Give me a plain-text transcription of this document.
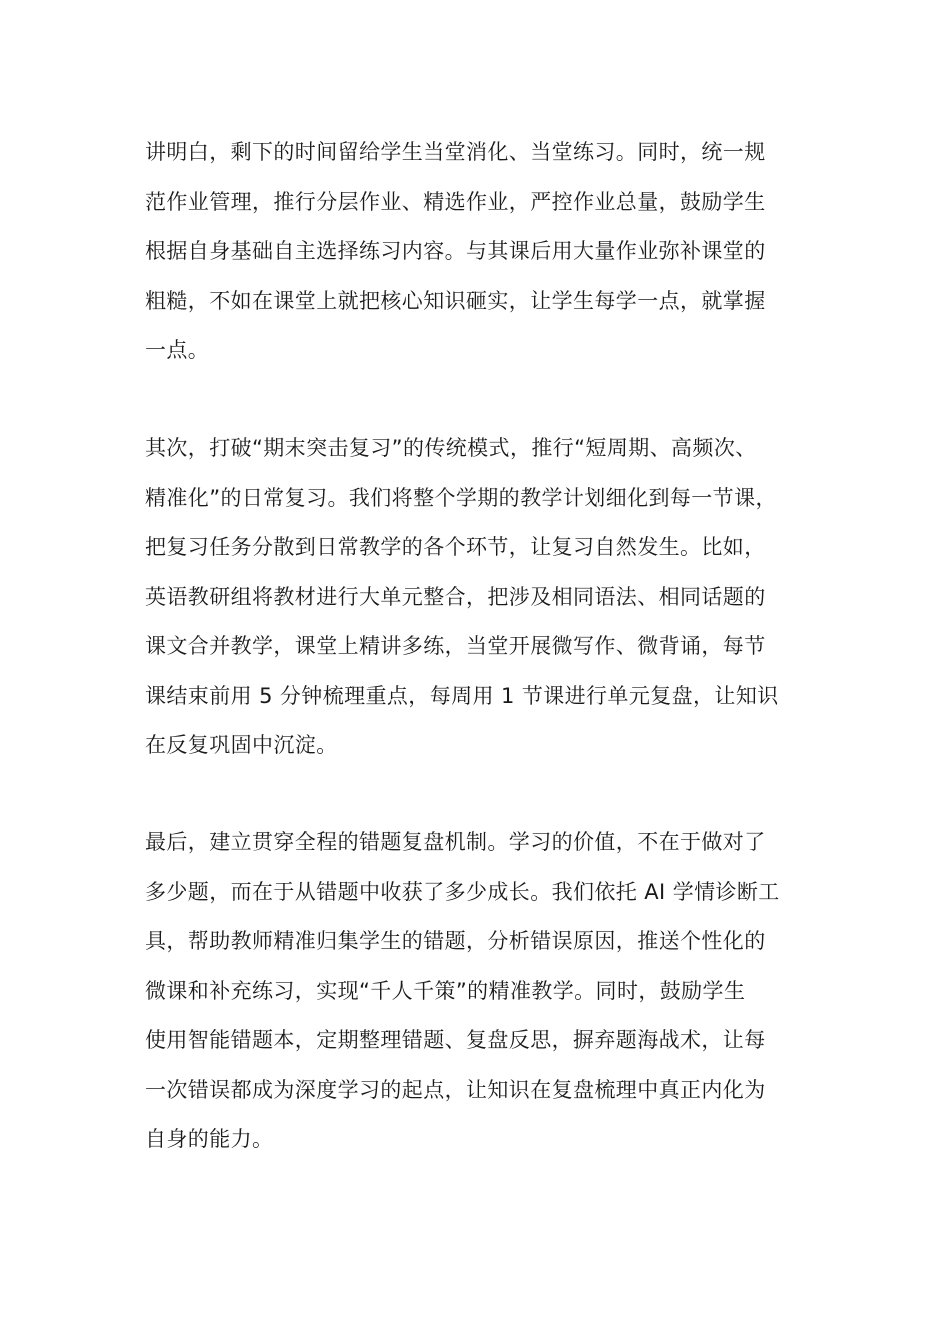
讲明白，剩下的时间留给学生当堂消化、当堂练习。同时，统一规
范作业管理，推行分层作业、精选作业，严控作业总量，鼓励学生
根据自身基础自主选择练习内容。与其课后用大量作业弥补课堂的
粗糙，不如在课堂上就把核心知识砸实，让学生每学一点，就掌握
一点。

其次，打破“期末突击复习”的传统模式，推行“短周期、高频次、
精准化”的日常复习。我们将整个学期的教学计划细化到每一节课，
把复习任务分散到日常教学的各个环节，让复习自然发生。比如，
英语教研组将教材进行大单元整合，把涉及相同语法、相同话题的
课文合并教学，课堂上精讲多练，当堂开展微写作、微背诵，每节
课结束前用 5 分钟梳理重点，每周用 1 节课进行单元复盘，让知识
在反复巩固中沉淀。

最后，建立贯穿全程的错题复盘机制。学习的价值，不在于做对了
多少题，而在于从错题中收获了多少成长。我们依托 AI 学情诊断工
具，帮助教师精准归集学生的错题，分析错误原因，推送个性化的
微课和补充练习，实现“千人千策”的精准教学。同时，鼓励学生
使用智能错题本，定期整理错题、复盘反思，摒弃题海战术，让每
一次错误都成为深度学习的起点，让知识在复盘梳理中真正内化为
自身的能力。
